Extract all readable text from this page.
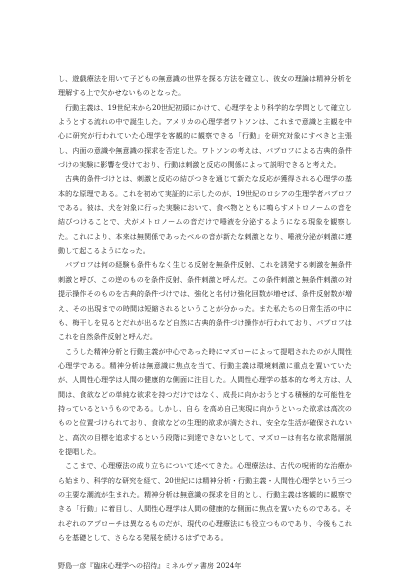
し、遊戯療法を用いて子どもの無意識の世界を探る方法を確立し、彼女の理論は精神分析を理解する上で欠かせないものとなった。

行動主義は、19世紀末から20世紀初頭にかけて、心理学をより科学的な学問として確立しようとする流れの中で誕生した。アメリカの心理学者ワトソンは、これまで意識と主観を中心に研究が行われていた心理学を客観的に観察できる「行動」を研究対象にすべきと主張し、内面の意識や無意識の探求を否定した。ワトソンの考えは、パブロフによる古典的条件づけの実験に影響を受けており、行動は刺激と反応の関係によって説明できると考えた。

古典的条件づけとは、刺激と反応の結びつきを通じて新たな反応が獲得される心理学の基本的な原理である。これを初めて実証的に示したのが、19世紀のロシアの生理学者パブロフである。彼は、犬を対象に行った実験において、食べ物とともに鳴らすメトロノームの音を結びつけることで、犬がメトロノームの音だけで唾液を分泌するようになる現象を観察した。これにより、本来は無関係であったベルの音が新たな刺激となり、唾液分泌が刺激に連動して起こるようになった。

パブロフは何の経験も条件もなく生じる反射を無条件反射、これを誘発する刺激を無条件刺激と呼び、この逆のものを条件反射、条件刺激と呼んだ。この条件刺激と無条件刺激の対提示操作そのものを古典的条件づけでは、強化と名付け強化回数が増せば、条件反射数が増え、その出現までの時間は短縮されるということが分かった。また私たちの日常生活の中にも、梅干しを見るとだれが出るなど自然に古典的条件づけ操作が行われており、パブロフはこれを自然条件反射と呼んだ。

こうした精神分析と行動主義が中心であった時にマズローによって提唱されたのが人間性心理学である。精神分析は無意識に焦点を当て、行動主義は環境刺激に重点を置いていたが、人間性心理学は人間の健康的な側面に注目した。人間性心理学の基本的な考え方は、人間は、食欲などの単純な欲求を持つだけではなく、成長に向かおうとする積極的な可能性を持っているというものである。しかし、自ら を高め自己実現に向かうといった欲求は高次のものと位置づけられており、食欲などの生理的欲求が満たされ、安全な生活が確保されないと、高次の目標を追求するという段階に到達できないとして、マズローは有名な欲求階層説を提唱した。

ここまで、心理療法の成り立ちについて述べてきた。心理療法は、古代の呪術的な治療から始まり、科学的な研究を経て、20世紀には精神分析・行動主義・人間性心理学という三つの主要な潮流が生まれた。精神分析は無意識の探求を目的とし、行動主義は客観的に観察できる「行動」に着目し、人間性心理学は人間の健康的な側面に焦点を置いたものである。それぞれのアプローチは異なるものだが、現代の心理療法にも役立つものであり、今後もこれらを基礎として、さらなる発展を続けるはずである。

野島一彦『臨床心理学への招待』ミネルヴァ書房 2024年
